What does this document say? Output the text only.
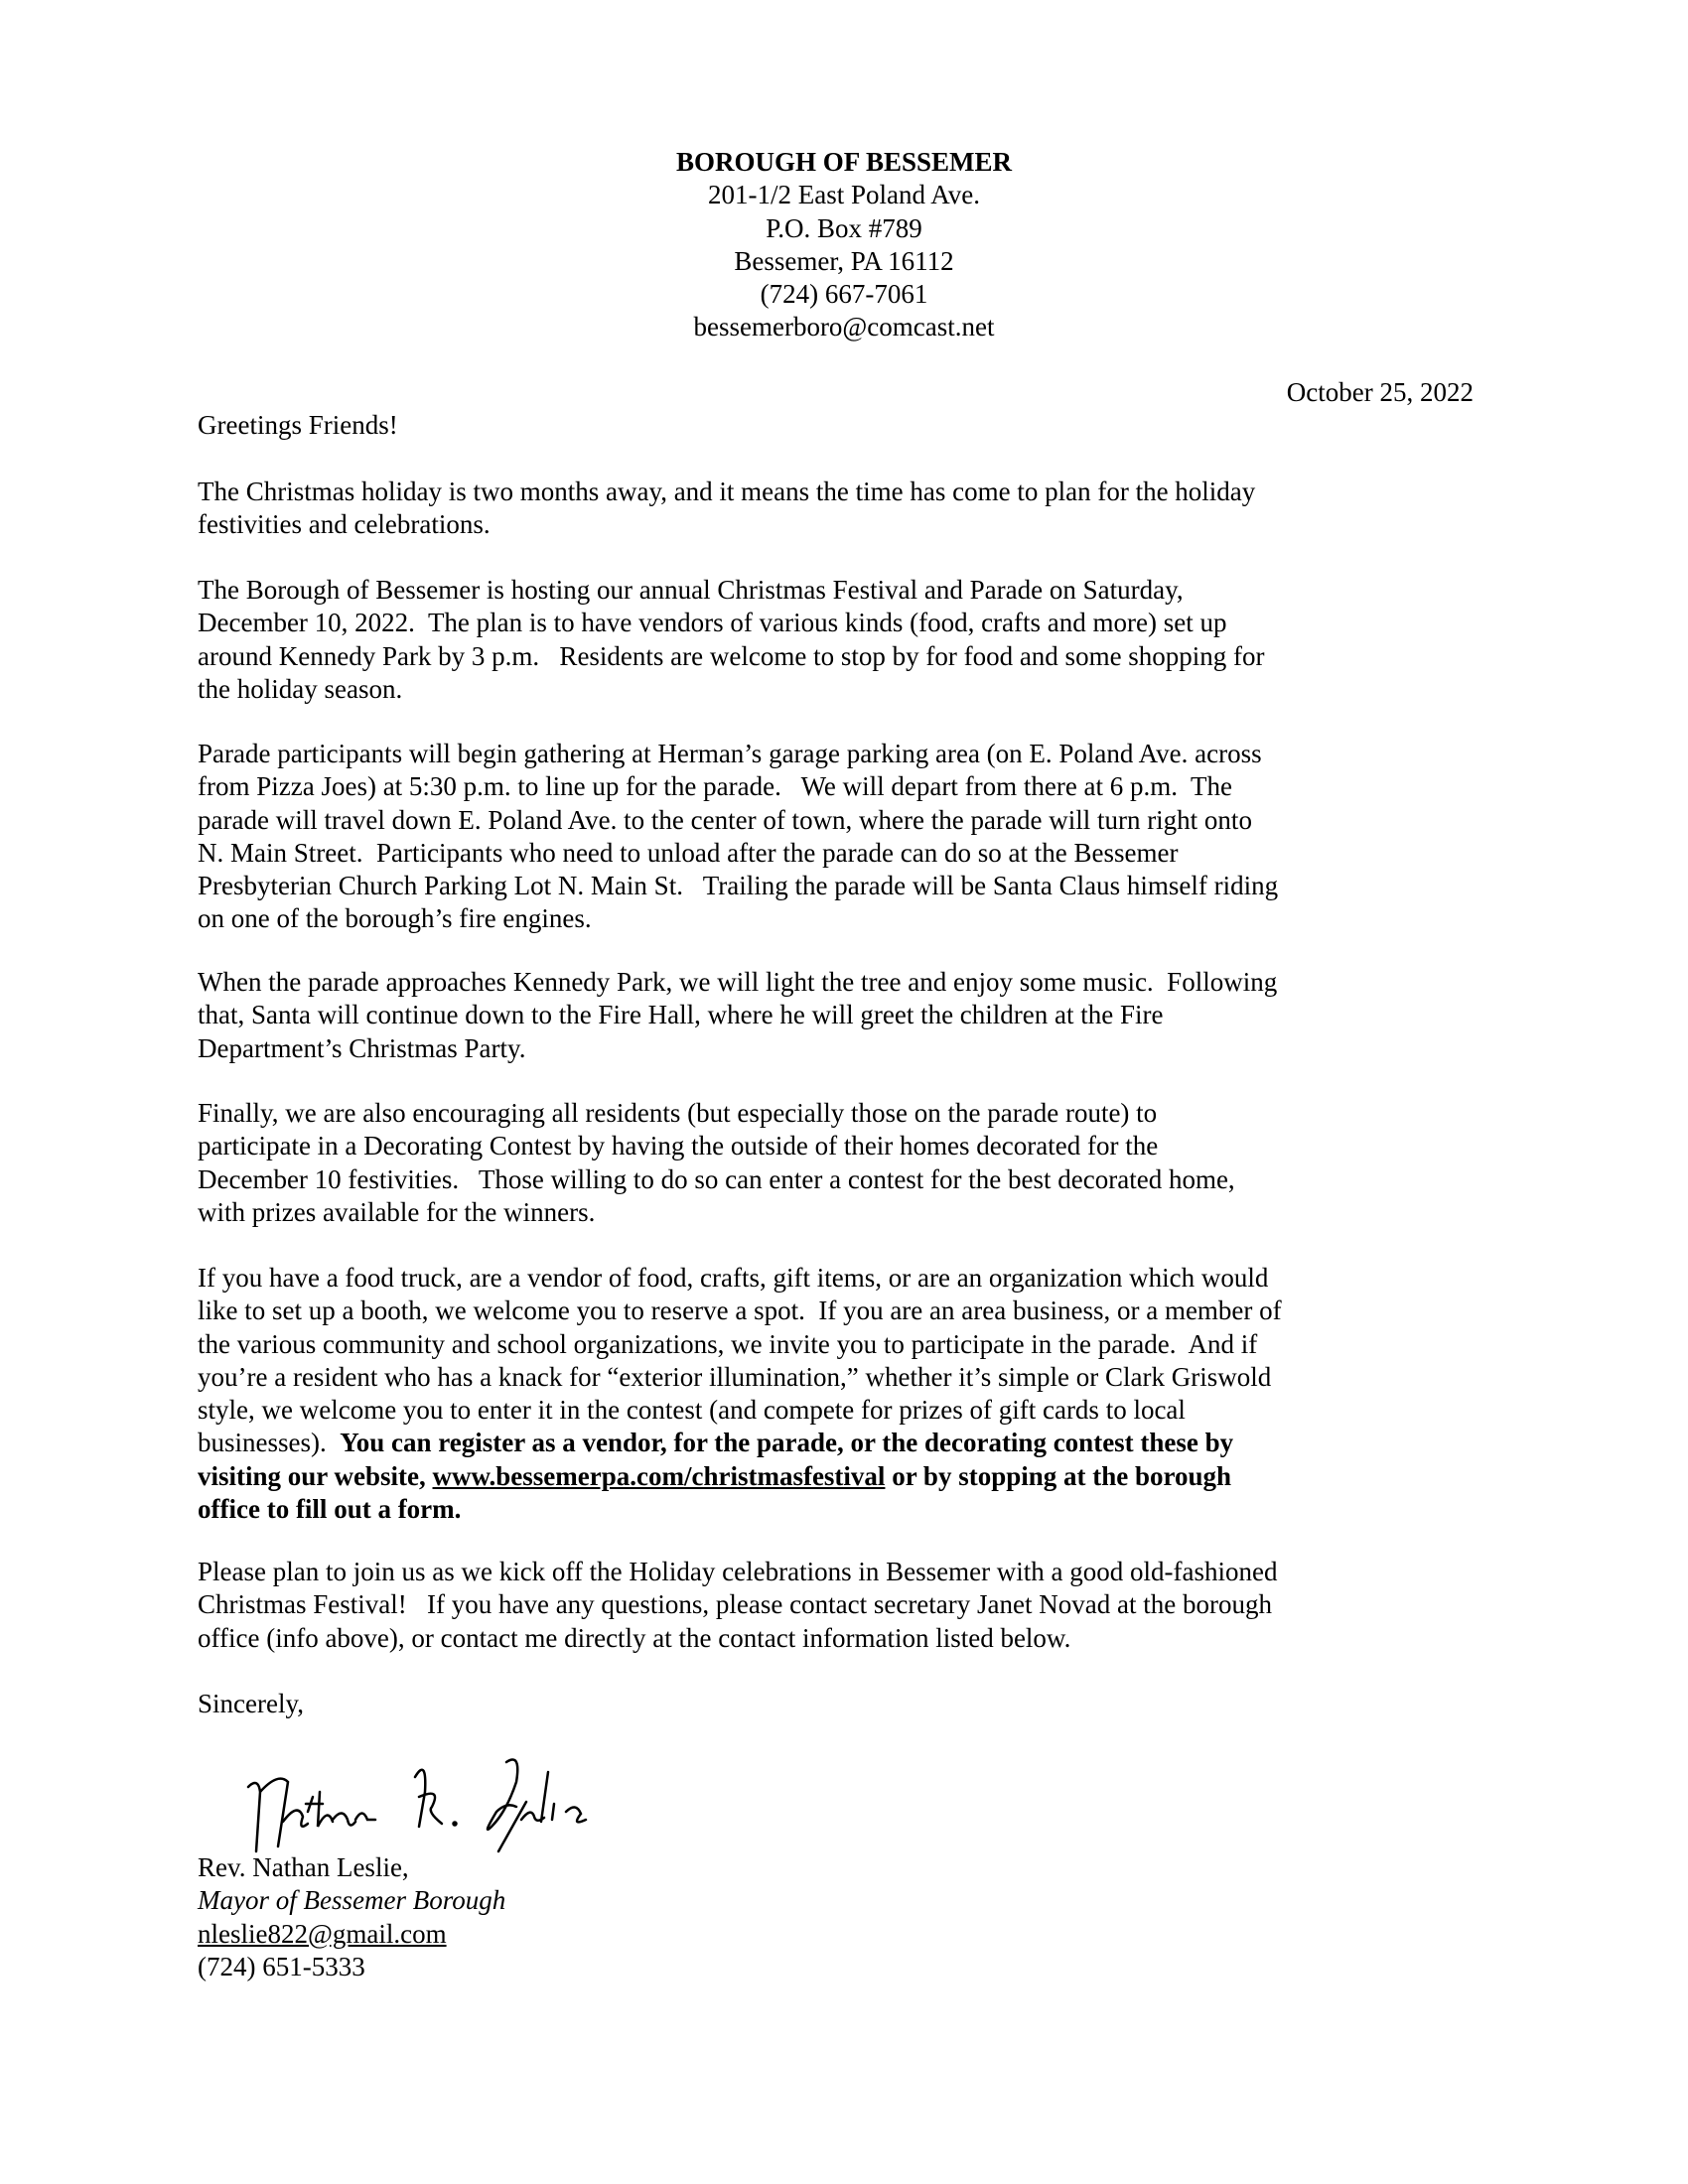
BOROUGH OF BESSEMER
201-1/2 East Poland Ave.
P.O. Box #789
Bessemer, PA 16112
(724) 667-7061
bessemerboro@comcast.net
October 25, 2022
Greetings Friends!
The Christmas holiday is two months away, and it means the time has come to plan for the holiday
festivities and celebrations.
The Borough of Bessemer is hosting our annual Christmas Festival and Parade on Saturday,
December 10, 2022.  The plan is to have vendors of various kinds (food, crafts and more) set up
around Kennedy Park by 3 p.m.   Residents are welcome to stop by for food and some shopping for
the holiday season.
Parade participants will begin gathering at Herman’s garage parking area (on E. Poland Ave. across
from Pizza Joes) at 5:30 p.m. to line up for the parade.   We will depart from there at 6 p.m.  The
parade will travel down E. Poland Ave. to the center of town, where the parade will turn right onto
N. Main Street.  Participants who need to unload after the parade can do so at the Bessemer
Presbyterian Church Parking Lot N. Main St.   Trailing the parade will be Santa Claus himself riding
on one of the borough’s fire engines.
When the parade approaches Kennedy Park, we will light the tree and enjoy some music.  Following
that, Santa will continue down to the Fire Hall, where he will greet the children at the Fire
Department’s Christmas Party.
Finally, we are also encouraging all residents (but especially those on the parade route) to
participate in a Decorating Contest by having the outside of their homes decorated for the
December 10 festivities.   Those willing to do so can enter a contest for the best decorated home,
with prizes available for the winners.
If you have a food truck, are a vendor of food, crafts, gift items, or are an organization which would
like to set up a booth, we welcome you to reserve a spot.  If you are an area business, or a member of
the various community and school organizations, we invite you to participate in the parade.  And if
you’re a resident who has a knack for “exterior illumination,” whether it’s simple or Clark Griswold
style, we welcome you to enter it in the contest (and compete for prizes of gift cards to local
businesses).  You can register as a vendor, for the parade, or the decorating contest these by
visiting our website, www.bessemerpa.com/christmasfestival or by stopping at the borough
office to fill out a form.
Please plan to join us as we kick off the Holiday celebrations in Bessemer with a good old-fashioned
Christmas Festival!   If you have any questions, please contact secretary Janet Novad at the borough
office (info above), or contact me directly at the contact information listed below.
Sincerely,
Rev. Nathan Leslie,
Mayor of Bessemer Borough
nleslie822@gmail.com
(724) 651-5333
